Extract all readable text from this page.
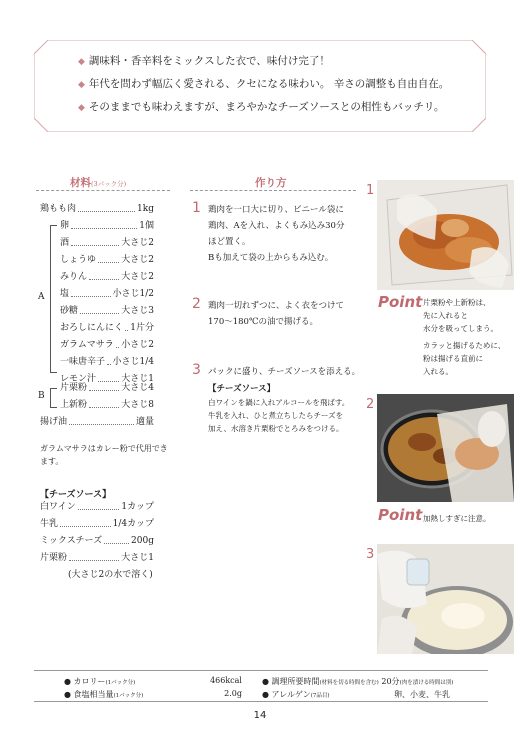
◆ 調味料・香辛料をミックスした衣で、味付け完了！
◆ 年代を問わず幅広く愛される、クセになる味わい。 辛さの調整も自由自在。
◆ そのままでも味わえますが、まろやかなチーズソースとの相性もバッチリ。
材料(3パック分)
鶏もも肉	1kg
A
卵	1個
酒	大さじ2
しょうゆ	大さじ2
みりん	大さじ2
塩	小さじ1/2
砂糖	大さじ3
おろしにんにく 1片分
ガラムマサラ 小さじ2
一味唐辛子 小さじ1/4
レモン汁	大さじ1
B
片栗粉	大さじ4
上新粉	大さじ8
揚げ油	適量
ガラムマサラはカレー粉で代用できます。
【チーズソース】
白ワイン	1カップ
牛乳	1/4カップ
ミックスチーズ	200g
片栗粉	大さじ1
(大さじ2の水で溶く)
作り方
1 鶏肉を一口大に切り、ビニール袋に
鶏肉、Aを入れ、よくもみ込み30分
ほど置く。
Bも加えて袋の上からもみ込む。
2 鶏肉一切れずつに、よく衣をつけて
170～180℃の油で揚げる。
3 パックに盛り、チーズソースを添える。
【チーズソース】
白ワインを鍋に入れアルコールを飛ばす。
牛乳を入れ、ひと煮立ちしたらチーズを
加え、水溶き片栗粉でとろみをつける。
1
Point 片栗粉や上新粉は、
先に入れると
水分を吸ってしまう。
カラッと揚げるために、
粉は揚げる直前に
入れる。
2
Point 加熱しすぎに注意。
3
● カロリー(1パック分)	466kcal
● 食塩相当量(1パック分)	2.0g
● 調理所要時間(材料を切る時間を含む) 20分(肉を漬ける時間は別)
● アレルゲン(7品目)	卵、小麦、牛乳
14
